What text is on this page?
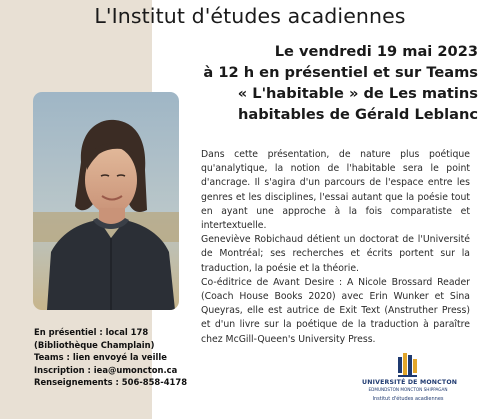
L'Institut d'études acadiennes
Le vendredi 19 mai 2023
à 12 h en présentiel et sur Teams
« L'habitable » de Les matins
habitables de Gérald Leblanc

Dans cette présentation, de nature plus poétique qu'analytique, la notion de l'habitable sera le point d'ancrage. Il s'agira d'un parcours de l'espace entre les genres et les disciplines, l'essai autant que la poésie tout en ayant une approche à la fois comparatiste et intertextuelle.

Geneviève Robichaud détient un doctorat de l'Université de Montréal; ses recherches et écrits portent sur la traduction, la poésie et la théorie.

Co-éditrice de Avant Desire : A Nicole Brossard Reader (Coach House Books 2020) avec Erin Wunker et Sina Queyras, elle est autrice de Exit Text (Anstruther Press) et d'un livre sur la poétique de la traduction à paraître chez McGill-Queen's University Press.

En présentiel : local 178
(Bibliothèque Champlain)
Teams : lien envoyé la veille
Inscription : iea@umoncton.ca
Renseignements : 506-858-4178	UNIVERSITÉ DE MONCTON
EDMUNDSTON MONCTON SHIPPAGAN
Institut d'études acadiennes
